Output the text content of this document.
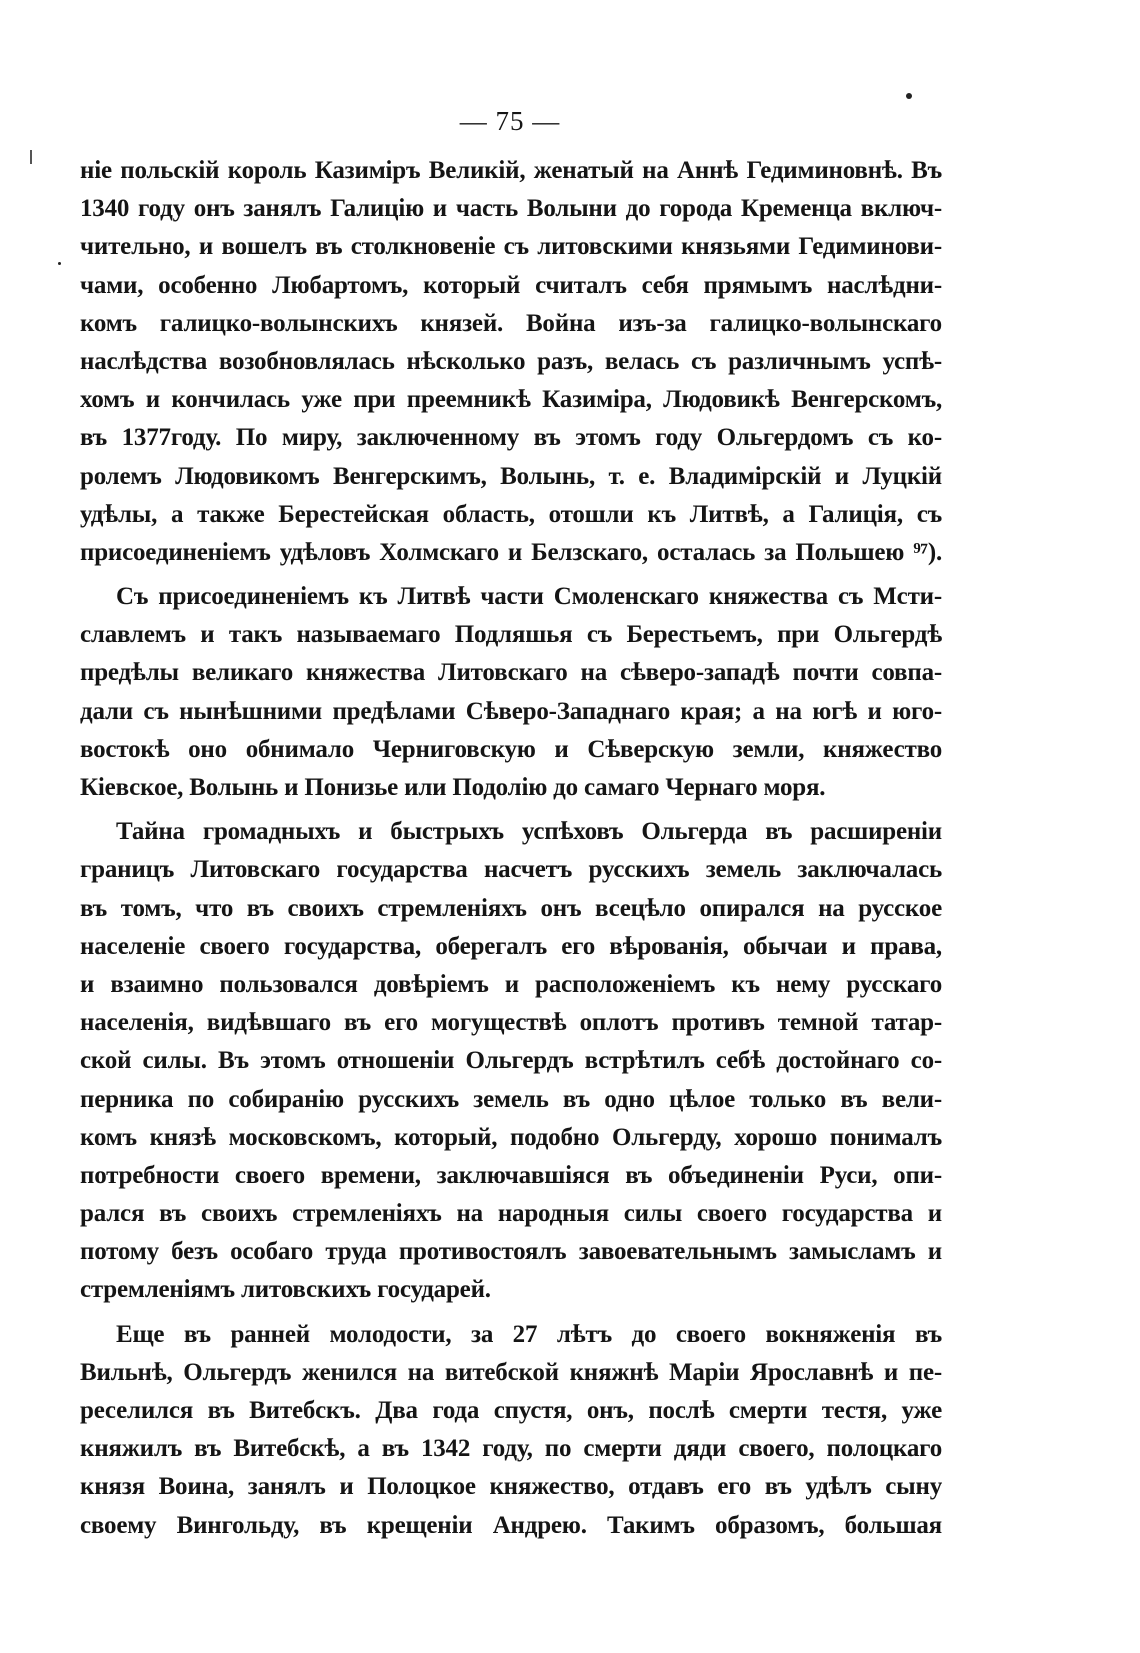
— 75 —
ніе польскій король Казиміръ Великій, женатый на Аннѣ Гедиминовнѣ. Въ
1340 году онъ занялъ Галицію и часть Волыни до города Кременца включ-
чительно, и вошелъ въ столкновеніе съ литовскими князьями Гедиминови-
чами, особенно Любартомъ, который считалъ себя прямымъ наслѣдни-
комъ галицко-волынскихъ князей. Война изъ-за галицко-волынскаго
наслѣдства возобновлялась нѣсколько разъ, велась съ различнымъ успѣ-
хомъ и кончилась уже при преемникѣ Казиміра, Людовикѣ Венгерскомъ,
въ 1377году. По миру, заключенному въ этомъ году Ольгердомъ съ ко-
ролемъ Людовикомъ Венгерскимъ, Волынь, т. е. Владимірскій и Луцкій
удѣлы, а также Берестейская область, отошли къ Литвѣ, а Галиція, съ
присоединеніемъ удѣловъ Холмскаго и Белзскаго, осталась за Польшею ⁹⁷).
Съ присоединеніемъ къ Литвѣ части Смоленскаго княжества съ Мсти-
славлемъ и такъ называемаго Подляшья съ Берестьемъ, при Ольгердѣ
предѣлы великаго княжества Литовскаго на сѣверо-западѣ почти совпа-
дали съ нынѣшними предѣлами Сѣверо-Западнаго края; а на югѣ и юго-
востокѣ оно обнимало Черниговскую и Сѣверскую земли, княжество
Кіевское, Волынь и Понизье или Подолію до самаго Чернаго моря.
Тайна громадныхъ и быстрыхъ успѣховъ Ольгерда въ расширеніи
границъ Литовскаго государства насчетъ русскихъ земель заключалась
въ томъ, что въ своихъ стремленіяхъ онъ всецѣло опирался на русское
населеніе своего государства, оберегалъ его вѣрованія, обычаи и права,
и взаимно пользовался довѣріемъ и расположеніемъ къ нему русскаго
населенія, видѣвшаго въ его могуществѣ оплотъ противъ темной татар-
ской силы. Въ этомъ отношеніи Ольгердъ встрѣтилъ себѣ достойнаго со-
перника по собиранію русскихъ земель въ одно цѣлое только въ вели-
комъ князѣ московскомъ, который, подобно Ольгерду, хорошо понималъ
потребности своего времени, заключавшіяся въ объединеніи Руси, опи-
рался въ своихъ стремленіяхъ на народныя силы своего государства и
потому безъ особаго труда противостоялъ завоевательнымъ замысламъ и
стремленіямъ литовскихъ государей.
Еще въ ранней молодости, за 27 лѣтъ до своего вокняженія въ
Вильнѣ, Ольгердъ женился на витебской княжнѣ Маріи Ярославнѣ и пе-
реселился въ Витебскъ. Два года спустя, онъ, послѣ смерти тестя, уже
княжилъ въ Витебскѣ, а въ 1342 году, по смерти дяди своего, полоцкаго
князя Воина, занялъ и Полоцкое княжество, отдавъ его въ удѣлъ сыну
своему Вингольду, въ крещеніи Андрею. Такимъ образомъ, большая
